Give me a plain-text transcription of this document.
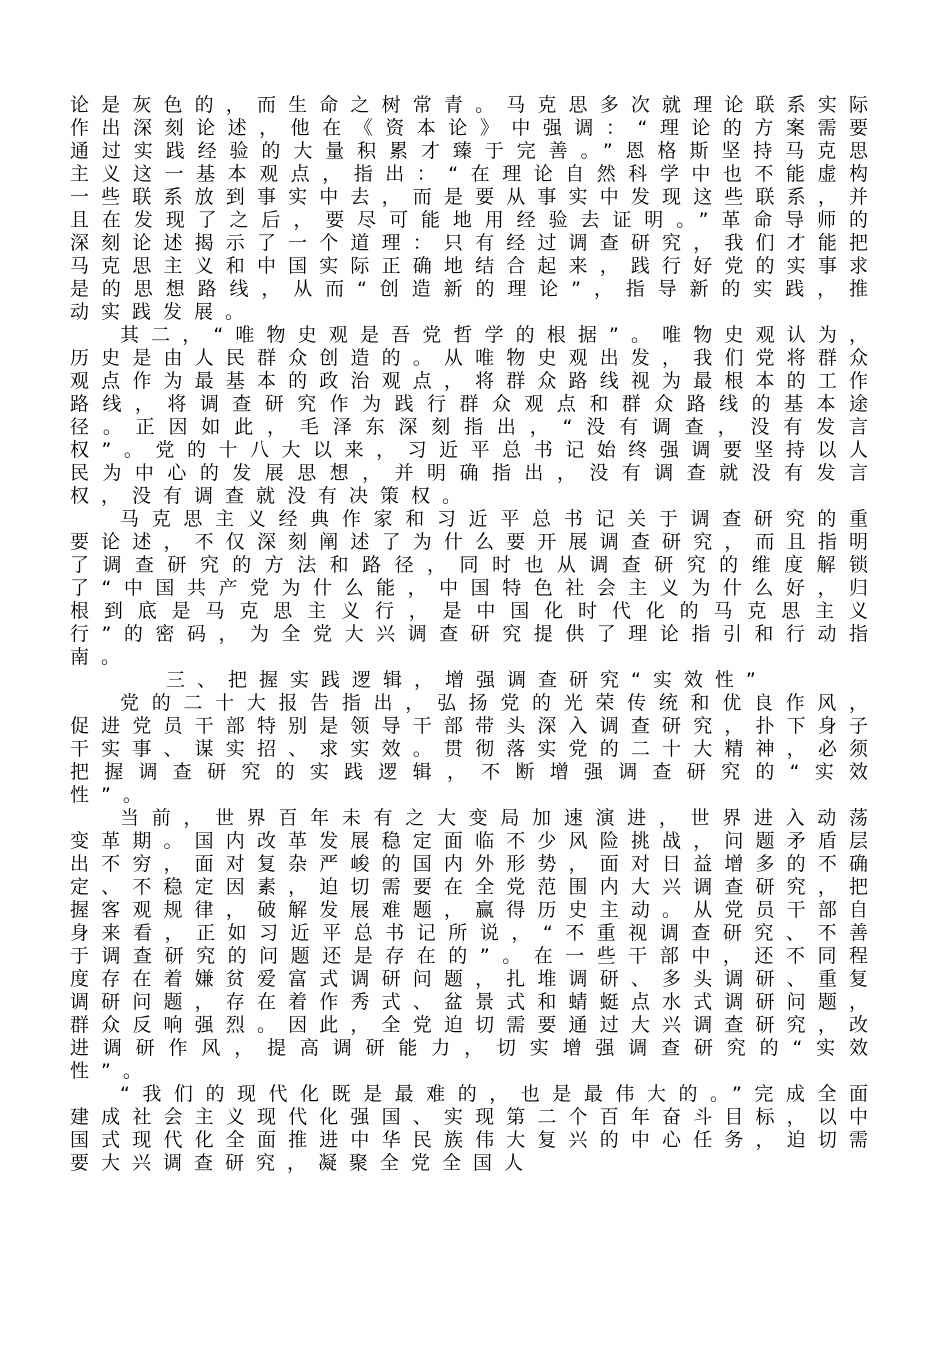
论是灰色的，而生命之树常青。马克思多次就理论联系实际作出深刻论述，他在《资本论》中强调：“理论的方案需要通过实践经验的大量积累才臻于完善。”恩格斯坚持马克思主义这一基本观点，指出：“在理论自然科学中也不能虚构一些联系放到事实中去，而是要从事实中发现这些联系，并且在发现了之后，要尽可能地用经验去证明。”革命导师的深刻论述揭示了一个道理：只有经过调查研究，我们才能把马克思主义和中国实际正确地结合起来，践行好党的实事求是的思想路线，从而“创造新的理论”，指导新的实践，推动实践发展。

其二，“唯物史观是吾党哲学的根据”。唯物史观认为，历史是由人民群众创造的。从唯物史观出发，我们党将群众观点作为最基本的政治观点，将群众路线视为最根本的工作路线，将调查研究作为践行群众观点和群众路线的基本途径。正因如此，毛泽东深刻指出，“没有调查，没有发言权”。党的十八大以来，习近平总书记始终强调要坚持以人民为中心的发展思想，并明确指出，没有调查就没有发言权，没有调查就没有决策权。

马克思主义经典作家和习近平总书记关于调查研究的重要论述，不仅深刻阐述了为什么要开展调查研究，而且指明了调查研究的方法和路径，同时也从调查研究的维度解锁了“中国共产党为什么能，中国特色社会主义为什么好，归根到底是马克思主义行，是中国化时代化的马克思主义行”的密码，为全党大兴调查研究提供了理论指引和行动指南。

三、把握实践逻辑，增强调查研究“实效性”

党的二十大报告指出，弘扬党的光荣传统和优良作风，促进党员干部特别是领导干部带头深入调查研究，扑下身子干实事、谋实招、求实效。贯彻落实党的二十大精神，必须把握调查研究的实践逻辑，不断增强调查研究的“实效性”。

当前，世界百年未有之大变局加速演进，世界进入动荡变革期。国内改革发展稳定面临不少风险挑战，问题矛盾层出不穷，面对复杂严峻的国内外形势，面对日益增多的不确定、不稳定因素，迫切需要在全党范围内大兴调查研究，把握客观规律，破解发展难题，赢得历史主动。从党员干部自身来看，正如习近平总书记所说，“不重视调查研究、不善于调查研究的问题还是存在的”。在一些干部中，还不同程度存在着嫌贫爱富式调研问题，扎堆调研、多头调研、重复调研问题，存在着作秀式、盆景式和蜻蜓点水式调研问题，群众反响强烈。因此，全党迫切需要通过大兴调查研究，改进调研作风，提高调研能力，切实增强调查研究的“实效性”。

“我们的现代化既是最难的，也是最伟大的。”完成全面建成社会主义现代化强国、实现第二个百年奋斗目标，以中国式现代化全面推进中华民族伟大复兴的中心任务，迫切需要大兴调查研究，凝聚全党全国人
